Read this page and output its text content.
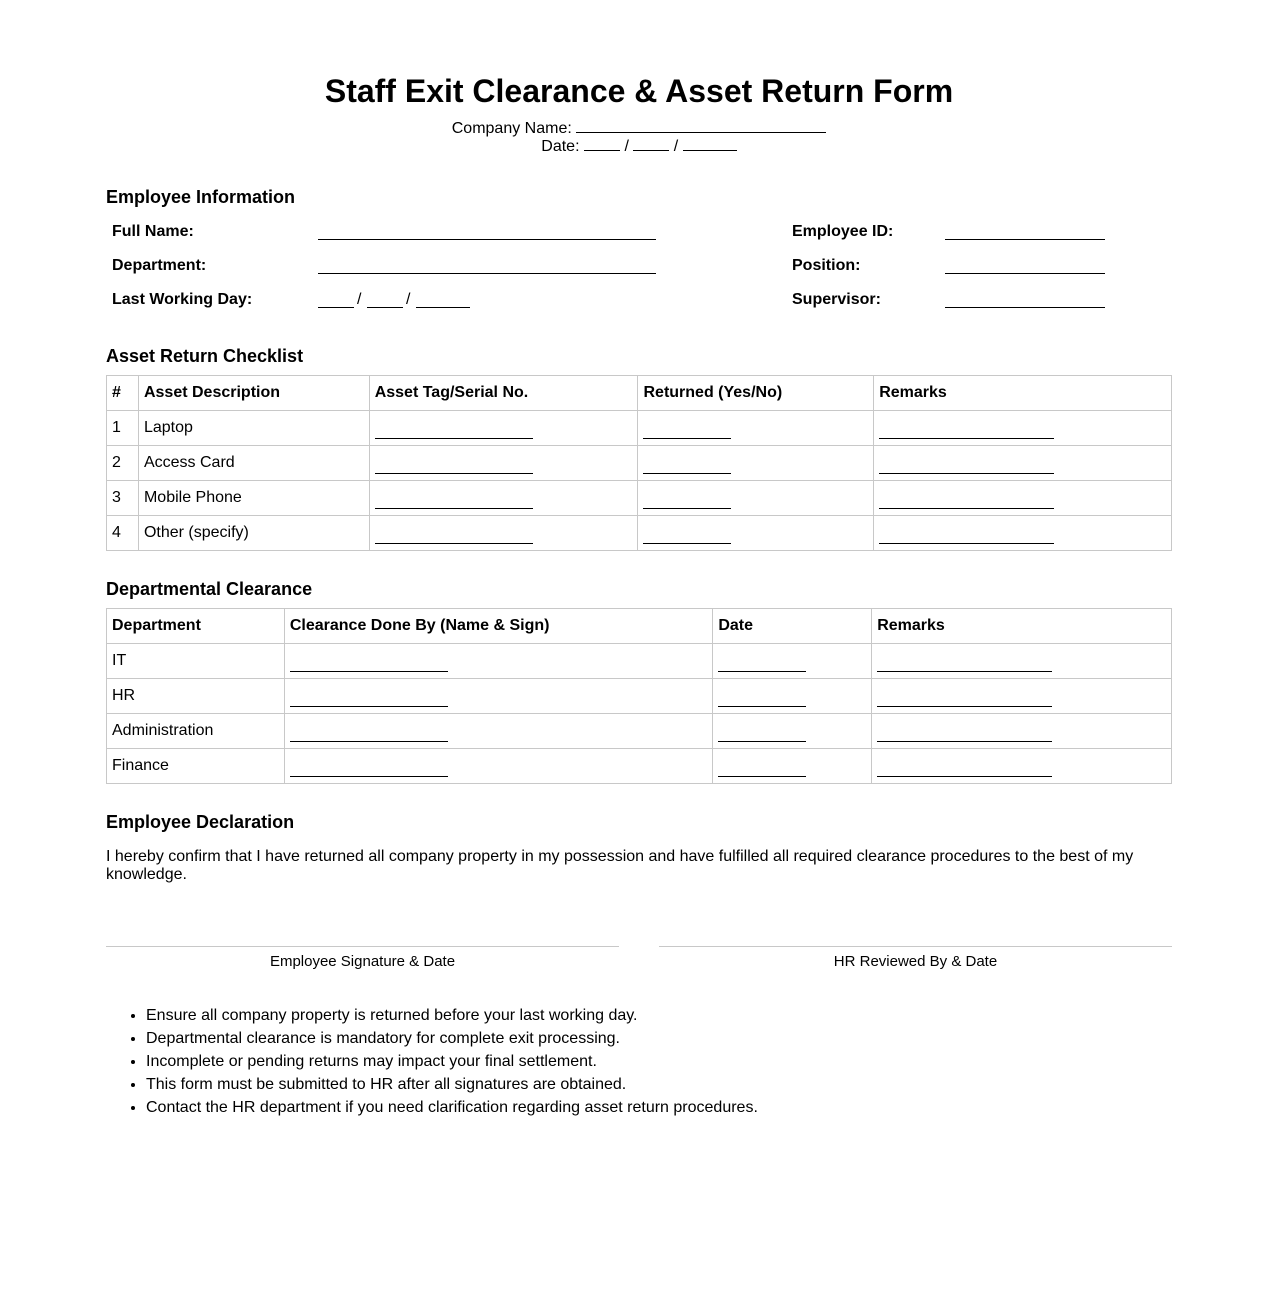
Staff Exit Clearance & Asset Return Form
Company Name:
Date:	/	/
Employee Information
Full Name:	Employee ID:
Department:	Position:
Last Working Day:	/	/	Supervisor:
Asset Return Checklist
#	Asset Description	Asset Tag/Serial No.	Returned (Yes/No)	Remarks
1	Laptop			
2	Access Card			
3	Mobile Phone			
4	Other (specify)			
Departmental Clearance
Department	Clearance Done By (Name & Sign)	Date	Remarks
IT			
HR			
Administration			
Finance			
Employee Declaration
I hereby confirm that I have returned all company property in my possession and have fulfilled all required clearance procedures to the best of my knowledge.
Employee Signature & Date	HR Reviewed By & Date
• Ensure all company property is returned before your last working day.
• Departmental clearance is mandatory for complete exit processing.
• Incomplete or pending returns may impact your final settlement.
• This form must be submitted to HR after all signatures are obtained.
• Contact the HR department if you need clarification regarding asset return procedures.
